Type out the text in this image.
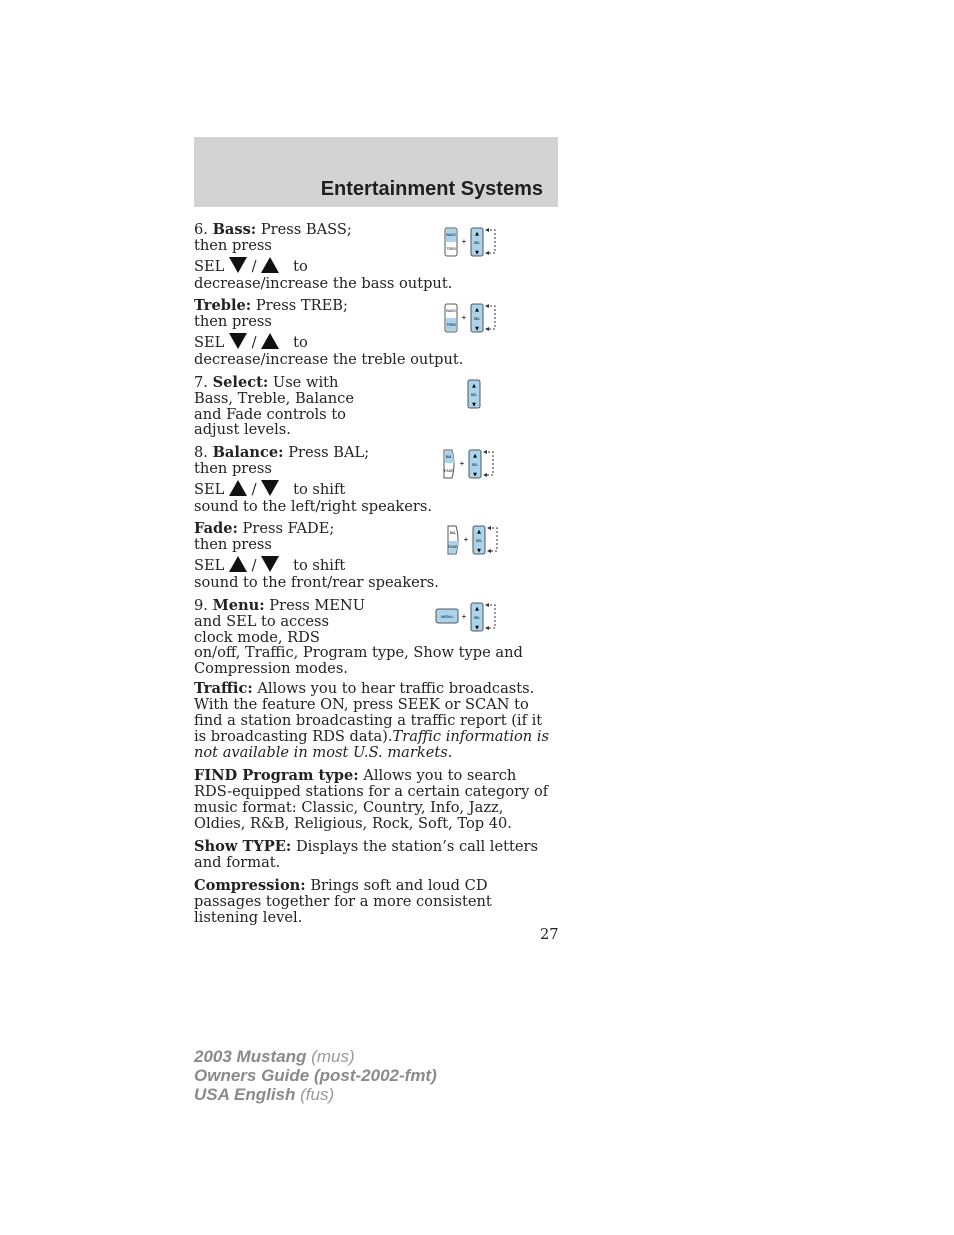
Entertainment Systems
6. Bass: Press BASS;
then press
SEL /	to
decrease/increase the bass output.
Treble: Press TREB;
then press
SEL /	to
decrease/increase the treble output.
7. Select: Use with
Bass, Treble, Balance
and Fade controls to
adjust levels.
8. Balance: Press BAL;
then press
SEL /	to shift
sound to the left/right speakers.
Fade: Press FADE;
then press
SEL /	to shift
sound to the front/rear speakers.
9. Menu: Press MENU
and SEL to access
clock mode, RDS
on/off, Traffic, Program type, Show type and
Compression modes.

Traffic: Allows you to hear traffic broadcasts. With the feature ON, press SEEK or SCAN to find a station broadcasting a traffic report (if it is broadcasting RDS data).Traffic information is not available in most U.S. markets.

FIND Program type: Allows you to search RDS-equipped stations for a certain category of music format: Classic, Country, Info, Jazz, Oldies, R&B, Religious, Rock, Soft, Top 40.

Show TYPE: Displays the station’s call letters and format.

Compression: Brings soft and loud CD passages together for a more consistent listening level.

BASS
TREB
+
▲
SEL
▼
BASS
TREB
+
▲
SEL
▼
▲
SEL
▼
BAL
FADE
+
▲
SEL
▼
BAL
FADE
+
▲
SEL
▼
MENU +
▲
SEL
▼
27
2003 Mustang (mus)
Owners Guide (post-2002-fmt)
USA English (fus)
